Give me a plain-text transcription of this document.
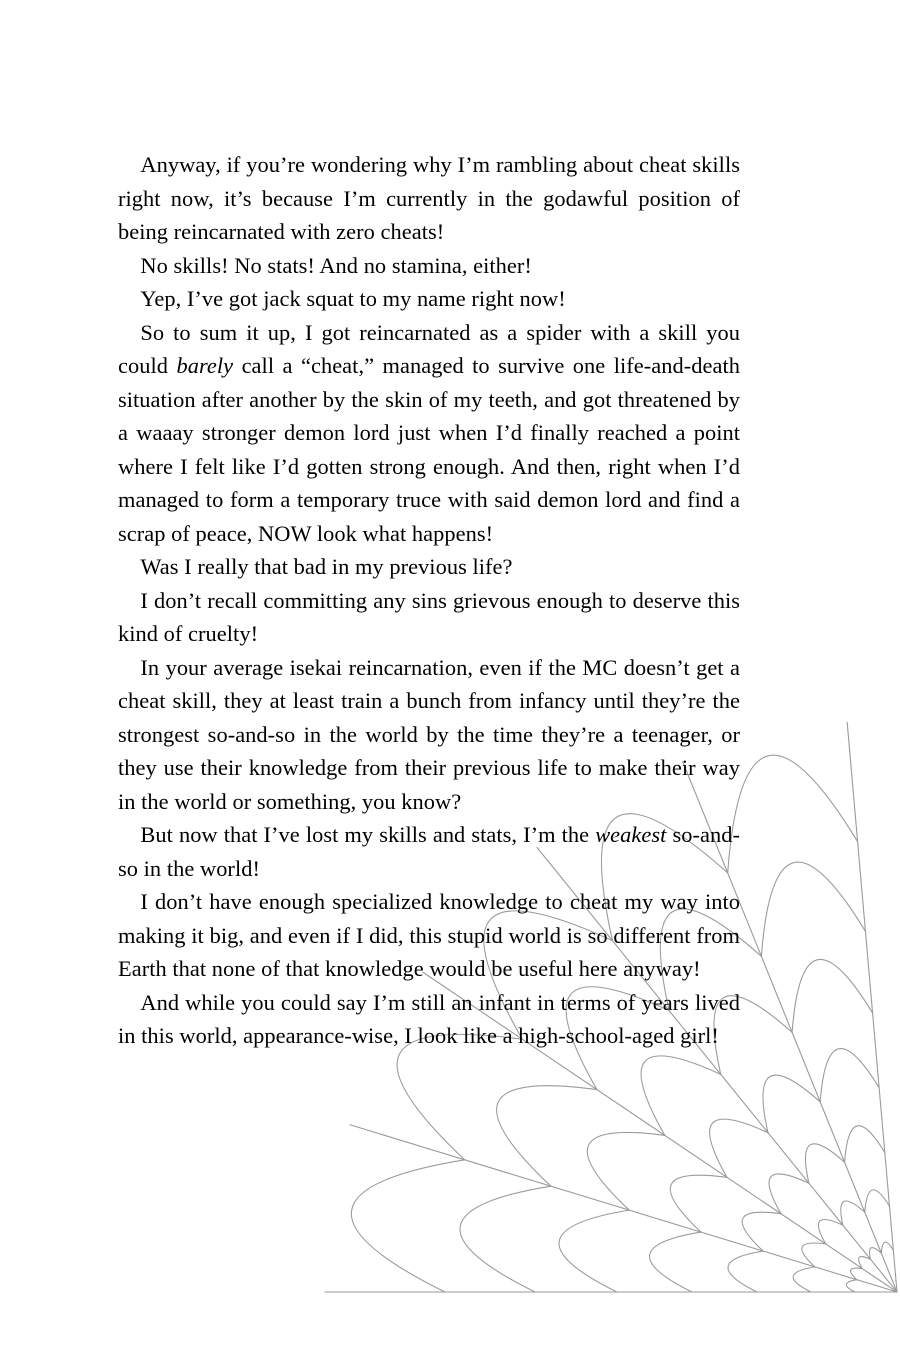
Anyway, if you’re wondering why I’m rambling about cheat skills right now, it’s because I’m currently in the godawful position of being reincarnated with zero cheats!

No skills! No stats! And no stamina, either!

Yep, I’ve got jack squat to my name right now!

So to sum it up, I got reincarnated as a spider with a skill you could barely call a “cheat,” managed to survive one life-and-death situation after another by the skin of my teeth, and got threatened by a waaay stronger demon lord just when I’d finally reached a point where I felt like I’d gotten strong enough. And then, right when I’d managed to form a temporary truce with said demon lord and find a scrap of peace, NOW look what happens!

Was I really that bad in my previous life?

I don’t recall committing any sins grievous enough to deserve this kind of cruelty!

In your average isekai reincarnation, even if the MC doesn’t get a cheat skill, they at least train a bunch from infancy until they’re the strongest so-and-so in the world by the time they’re a teenager, or they use their knowledge from their previous life to make their way in the world or something, you know?

But now that I’ve lost my skills and stats, I’m the weakest so-and-so in the world!

I don’t have enough specialized knowledge to cheat my way into making it big, and even if I did, this stupid world is so different from Earth that none of that knowledge would be useful here anyway!

And while you could say I’m still an infant in terms of years lived in this world, appearance-wise, I look like a high-school-aged girl!
